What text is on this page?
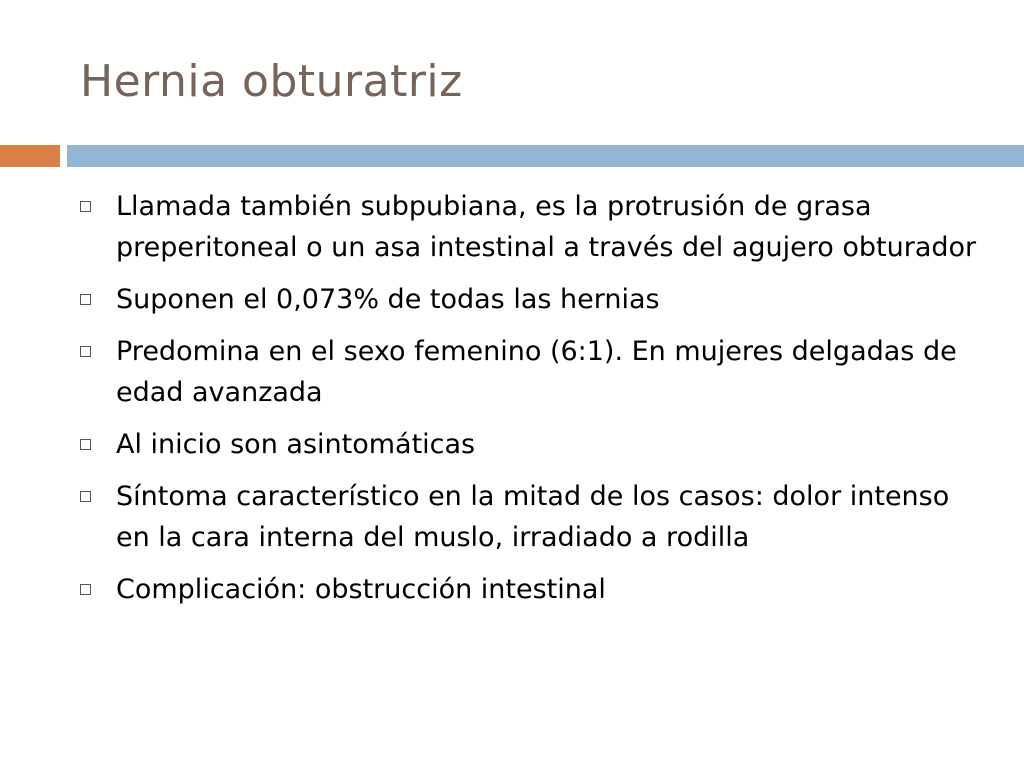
Hernia obturatriz
Llamada también subpubiana, es la protrusión de grasa preperitoneal o un asa intestinal a través del agujero obturador
Suponen el 0,073% de todas las hernias
Predomina en el sexo femenino (6:1). En mujeres delgadas de edad avanzada
Al inicio son asintomáticas
Síntoma característico en la mitad de los casos: dolor intenso en la cara interna del muslo, irradiado a rodilla
Complicación: obstrucción intestinal
